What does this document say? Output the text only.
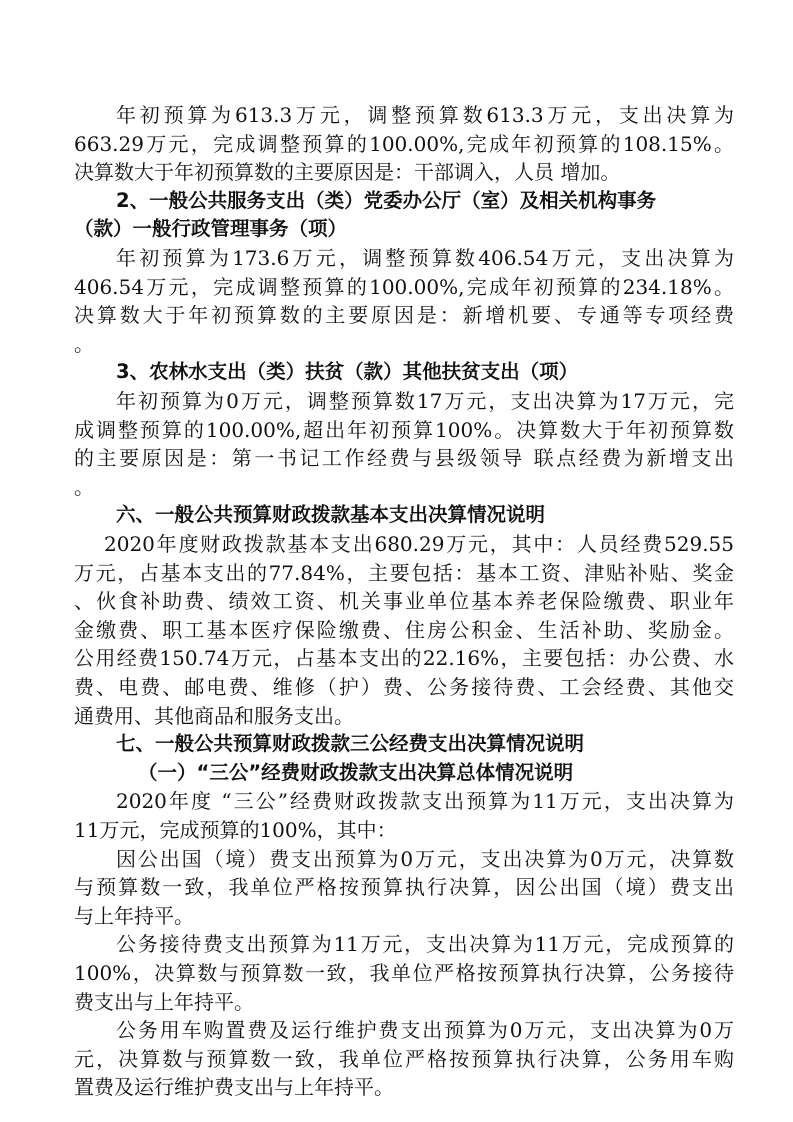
年初预算为613.3万元，调整预算数613.3万元，支出决算为
663.29万元，完成调整预算的100.00%,完成年初预算的108.15%。
决算数大于年初预算数的主要原因是：干部调入，人员 增加。
2、一般公共服务支出（类）党委办公厅（室）及相关机构事务
（款）一般行政管理事务（项）
年初预算为173.6万元，调整预算数406.54万元，支出决算为
406.54万元，完成调整预算的100.00%,完成年初预算的234.18%。
决算数大于年初预算数的主要原因是：新增机要、专通等专项经费
。
3、农林水支出（类）扶贫（款）其他扶贫支出（项）
年初预算为0万元，调整预算数17万元，支出决算为17万元，完
成调整预算的100.00%,超出年初预算100%。决算数大于年初预算数
的主要原因是：第一书记工作经费与县级领导 联点经费为新增支出
。
六、一般公共预算财政拨款基本支出决算情况说明
2020年度财政拨款基本支出680.29万元，其中：人员经费529.55
万元，占基本支出的77.84%，主要包括：基本工资、津贴补贴、奖金
、伙食补助费、绩效工资、机关事业单位基本养老保险缴费、职业年
金缴费、职工基本医疗保险缴费、住房公积金、生活补助、奖励金。
公用经费150.74万元，占基本支出的22.16%，主要包括：办公费、水
费、电费、邮电费、维修（护）费、公务接待费、工会经费、其他交
通费用、其他商品和服务支出。
七、一般公共预算财政拨款三公经费支出决算情况说明
（一）“三公”经费财政拨款支出决算总体情况说明
2020年度 “三公”经费财政拨款支出预算为11万元，支出决算为
11万元，完成预算的100%，其中：
因公出国（境）费支出预算为0万元，支出决算为0万元，决算数
与预算数一致，我单位严格按预算执行决算，因公出国（境）费支出
与上年持平。
公务接待费支出预算为11万元，支出决算为11万元，完成预算的
100%，决算数与预算数一致，我单位严格按预算执行决算，公务接待
费支出与上年持平。
公务用车购置费及运行维护费支出预算为0万元，支出决算为0万
元，决算数与预算数一致，我单位严格按预算执行决算，公务用车购
置费及运行维护费支出与上年持平。
